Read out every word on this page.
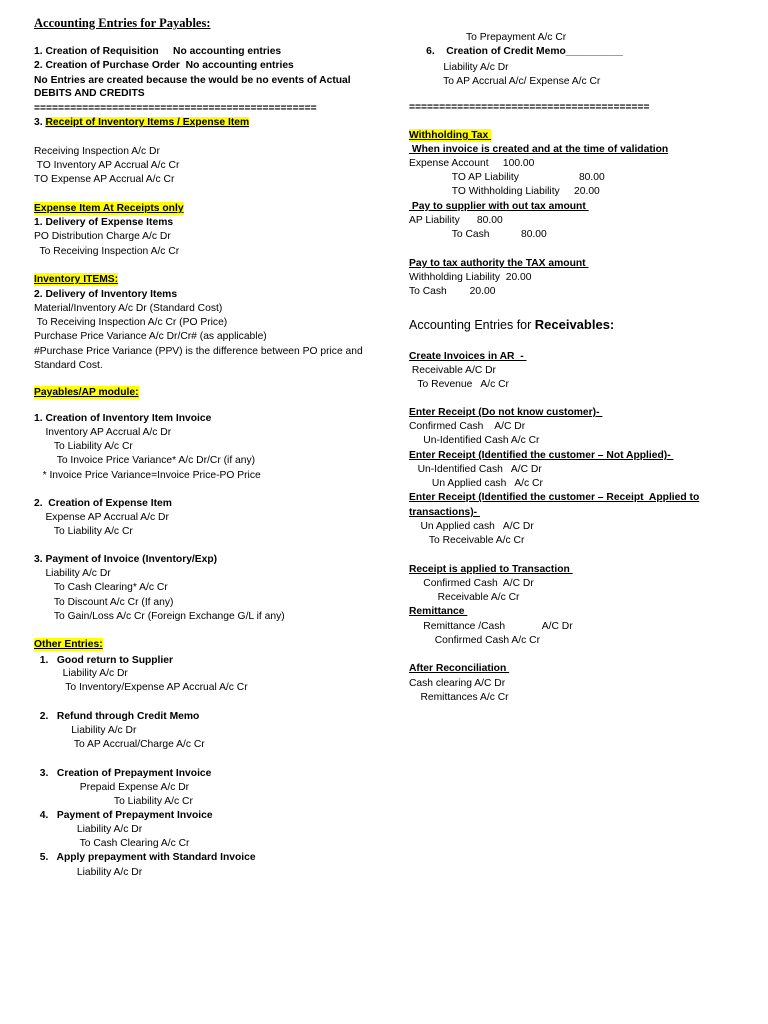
Accounting Entries for Payables:
1. Creation of Requisition     No accounting entries
2. Creation of Purchase Order  No accounting entries
No Entries are created because the would be no events of Actual
DEBITS AND CREDITS
===============================================
3. Receipt of Inventory Items / Expense Item
Receiving Inspection A/c Dr
TO Inventory AP Accrual A/c Cr
TO Expense AP Accrual A/c Cr
Expense Item At Receipts only
1. Delivery of Expense Items
PO Distribution Charge A/c Dr
To Receiving Inspection A/c Cr
Inventory ITEMS:
2. Delivery of Inventory Items
Material/Inventory A/c Dr (Standard Cost)
To Receiving Inspection A/c Cr (PO Price)
Purchase Price Variance A/c Dr/Cr# (as applicable)
#Purchase Price Variance (PPV) is the difference between PO price and
Standard Cost.
Payables/AP module:
1. Creation of Inventory Item Invoice
Inventory AP Accrual A/c Dr
To Liability A/c Cr
To Invoice Price Variance* A/c Dr/Cr (if any)
* Invoice Price Variance=Invoice Price-PO Price
2.  Creation of Expense Item
Expense AP Accrual A/c Dr
To Liability A/c Cr
3. Payment of Invoice (Inventory/Exp)
Liability A/c Dr
To Cash Clearing* A/c Cr
To Discount A/c Cr (If any)
To Gain/Loss A/c Cr (Foreign Exchange G/L if any)
Other Entries:
1.   Good return to Supplier
Liability A/c Dr
To Inventory/Expense AP Accrual A/c Cr
2.   Refund through Credit Memo
Liability A/c Dr
To AP Accrual/Charge A/c Cr
3.   Creation of Prepayment Invoice
Prepaid Expense A/c Dr
To Liability A/c Cr
4.   Payment of Prepayment Invoice
Liability A/c Dr
To Cash Clearing A/c Cr
5.   Apply prepayment with Standard Invoice
Liability A/c Dr
To Prepayment A/c Cr
6.    Creation of Credit Memo__________
Liability A/c Dr
To AP Accrual A/c/ Expense A/c Cr
========================================
Withholding Tax
When invoice is created and at the time of validation
Expense Account     100.00
TO AP Liability                     80.00
TO Withholding Liability     20.00
Pay to supplier with out tax amount
AP Liability      80.00
To Cash           80.00
Pay to tax authority the TAX amount
Withholding Liability  20.00
To Cash        20.00
Accounting Entries for Receivables:
Create Invoices in AR  -
Receivable A/C Dr
To Revenue   A/c Cr
Enter Receipt (Do not know customer)-
Confirmed Cash    A/C Dr
Un-Identified Cash A/c Cr
Enter Receipt (Identified the customer – Not Applied)-
Un-Identified Cash   A/C Dr
Un Applied cash   A/c Cr
Enter Receipt (Identified the customer – Receipt  Applied to
transactions)-
Un Applied cash   A/C Dr
To Receivable A/c Cr
Receipt is applied to Transaction
Confirmed Cash  A/C Dr
Receivable A/c Cr
Remittance
Remittance /Cash             A/C Dr
Confirmed Cash A/c Cr
After Reconciliation
Cash clearing A/C Dr
Remittances A/c Cr
